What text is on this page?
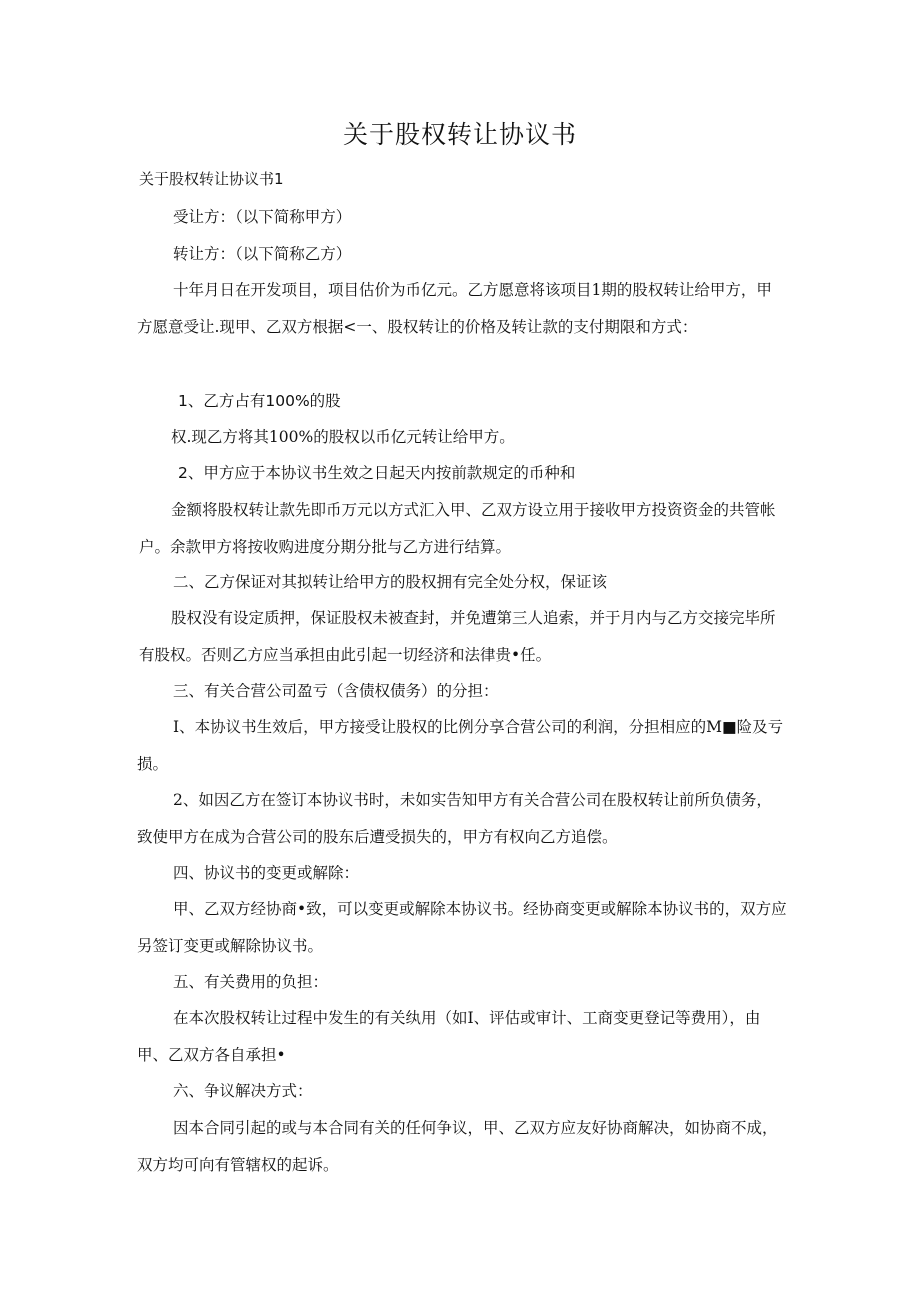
关于股权转让协议书
关于股权转让协议书1
受让方：（以下简称甲方）
转让方：（以下简称乙方）
十年月日在开发项目，项目估价为币亿元。乙方愿意将该项目1期的股权转让给甲方，甲方愿意受让.现甲、乙双方根据<一、股权转让的价格及转让款的支付期限和方式：
1、乙方占有100%的股
权.现乙方将其100%的股权以币亿元转让给甲方。
2、甲方应于本协议书生效之日起天内按前款规定的币种和
金额将股权转让款先即币万元以方式汇入甲、乙双方设立用于接收甲方投资资金的共管帐户。余款甲方将按收购进度分期分批与乙方进行结算。
二、乙方保证对其拟转让给甲方的股权拥有完全处分权，保证该
股权没有设定质押，保证股权未被查封，并免遭第三人追索，并于月内与乙方交接完毕所有股权。否则乙方应当承担由此引起一切经济和法律贵•任。
三、有关合营公司盈亏（含债权债务）的分担：
I、本协议书生效后，甲方接受让股权的比例分享合营公司的利润，分担相应的M■险及亏损。
2、如因乙方在签订本协议书时，未如实告知甲方有关合营公司在股权转让前所负债务，致使甲方在成为合营公司的股东后遭受损失的，甲方有权向乙方追偿。
四、协议书的变更或解除：
甲、乙双方经协商•致，可以变更或解除本协议书。经协商变更或解除本协议书的，双方应另签订变更或解除协议书。
五、有关费用的负担：
在本次股权转让过程中发生的有关纨用（如I、评估或审计、工商变更登记等费用），由甲、乙双方各自承担•
六、争议解决方式：
因本合同引起的或与本合同有关的任何争议，甲、乙双方应友好协商解决，如协商不成，双方均可向有管辖权的起诉。
